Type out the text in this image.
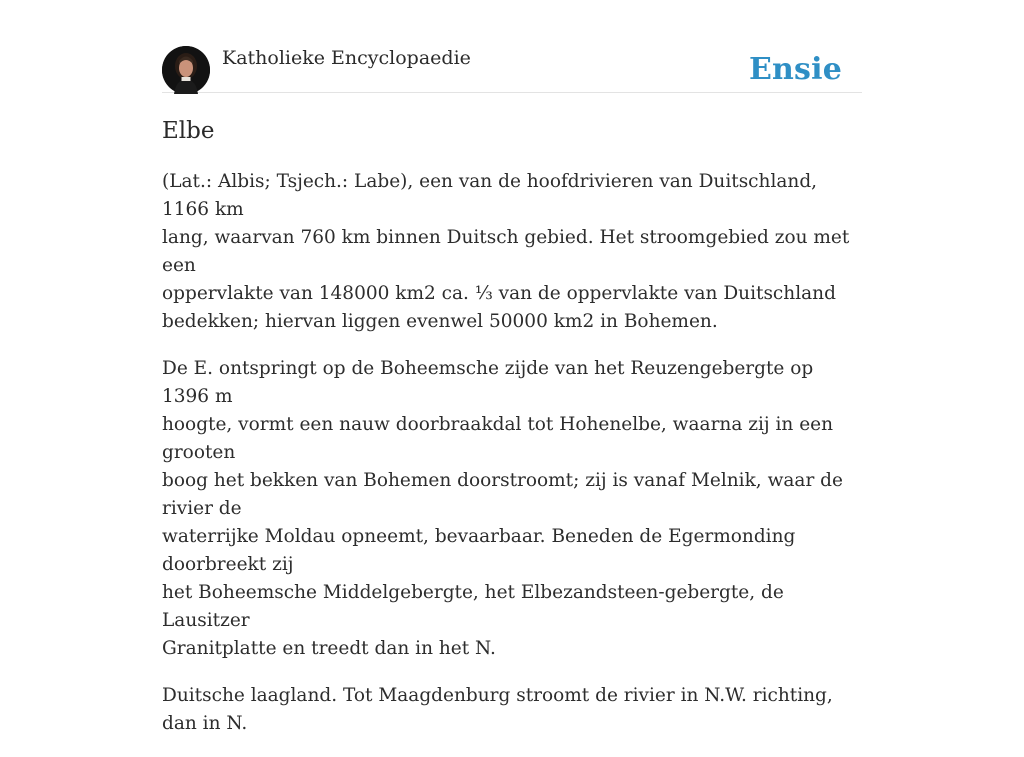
Katholieke Encyclopaedie	Ensie
Elbe

(Lat.: Albis; Tsjech.: Labe), een van de hoofdrivieren van Duitschland, 1166 km
lang, waarvan 760 km binnen Duitsch gebied. Het stroomgebied zou met een
oppervlakte van 148000 km2 ca. ⅓ van de oppervlakte van Duitschland
bedekken; hiervan liggen evenwel 50000 km2 in Bohemen.

De E. ontspringt op de Boheemsche zijde van het Reuzengebergte op 1396 m
hoogte, vormt een nauw doorbraakdal tot Hohenelbe, waarna zij in een grooten
boog het bekken van Bohemen doorstroomt; zij is vanaf Melnik, waar de rivier de
waterrijke Moldau opneemt, bevaarbaar. Beneden de Egermonding doorbreekt zij
het Boheemsche Middelgebergte, het Elbezandsteen-gebergte, de Lausitzer
Granitplatte en treedt dan in het N.

Duitsche laagland. Tot Maagdenburg stroomt de rivier in N.W. richting, dan in N.
